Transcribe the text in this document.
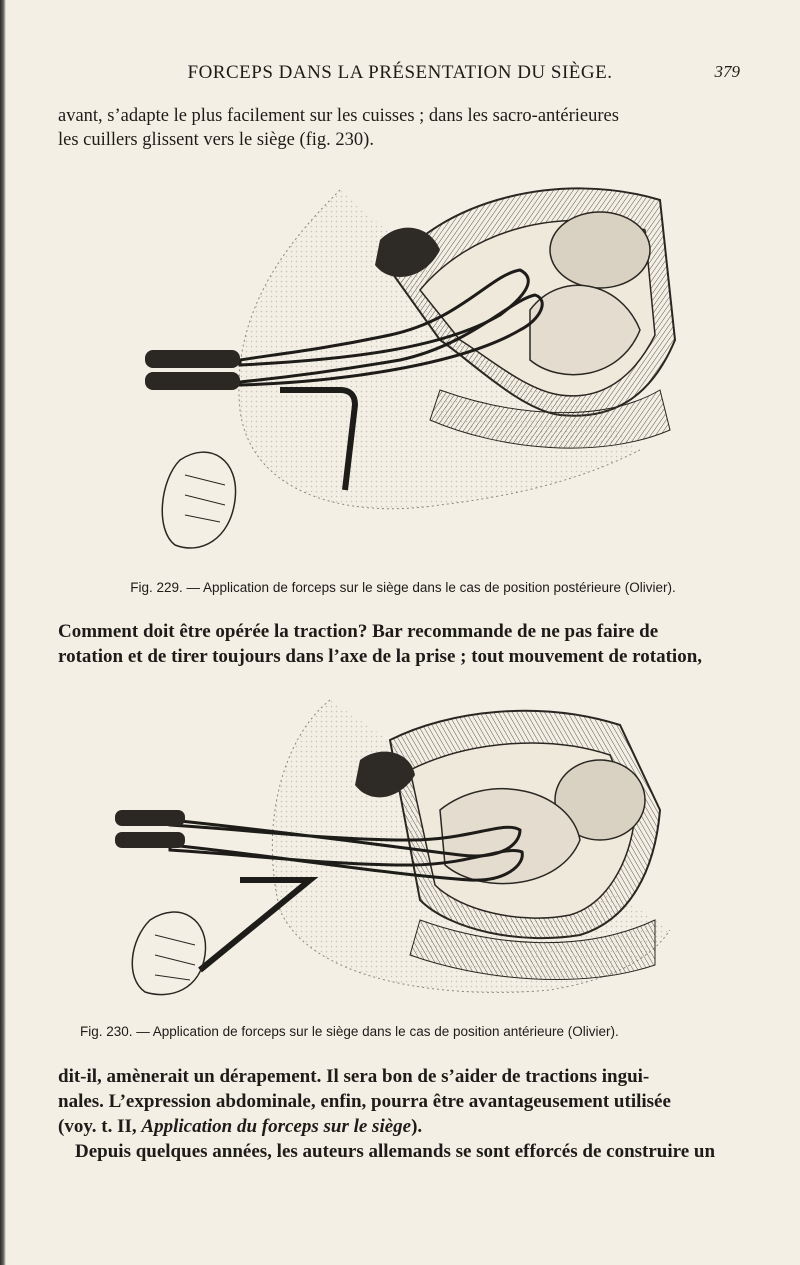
FORCEPS DANS LA PRÉSENTATION DU SIÈGE.	379
avant, s’adapte le plus facilement sur les cuisses ; dans les sacro-antérieures
les cuillers glissent vers le siège (fig. 230).
Fig. 229. — Application de forceps sur le siège dans le cas de position postérieure (Olivier).
Comment doit être opérée la traction? Bar recommande de ne pas faire de
rotation et de tirer toujours dans l’axe de la prise ; tout mouvement de rotation,
Fig. 230. — Application de forceps sur le siège dans le cas de position antérieure (Olivier).
dit-il, amènerait un dérapement. Il sera bon de s’aider de tractions ingui-
nales. L’expression abdominale, enfin, pourra être avantageusement utilisée
(voy. t. II, Application du forceps sur le siège).
Depuis quelques années, les auteurs allemands se sont efforcés de construire un
